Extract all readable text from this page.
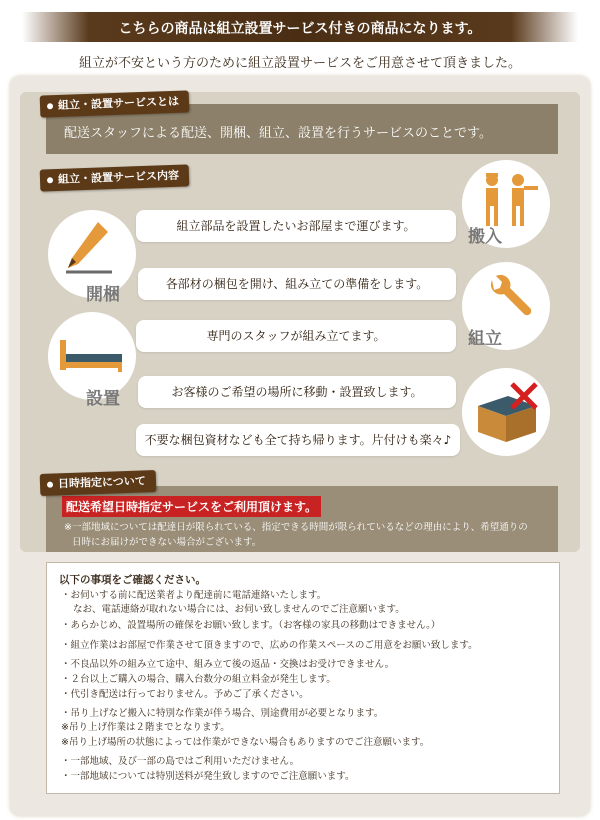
こちらの商品は組立設置サービス付きの商品になります。
組立が不安という方のために組立設置サービスをご用意させて頂きました。
配送スタッフによる配送、開梱、組立、設置を行うサービスのことです。
組立・設置サービスとは
組立・設置サービス内容
搬入
開梱
組立
設置
組立部品を設置したいお部屋まで運びます。
各部材の梱包を開け、組み立ての準備をします。
専門のスタッフが組み立てます。
お客様のご希望の場所に移動・設置致します。
不要な梱包資材なども全て持ち帰ります。片付けも楽々♪
配送希望日時指定サービスをご利用頂けます。
※一部地域については配達日が限られている、指定できる時間が限られているなどの理由により、希望通りの
日時にお届けができない場合がございます。
日時指定について
以下の事項をご確認ください。
・お伺いする前に配送業者より配達前に電話連絡いたします。
なお、電話連絡が取れない場合には、お伺い致しませんのでご注意願います。
・あらかじめ、設置場所の確保をお願い致します。（お客様の家具の移動はできません。）
・組立作業はお部屋で作業させて頂きますので、広めの作業スペースのご用意をお願い致します。
・不良品以外の組み立て途中、組み立て後の返品・交換はお受けできません。
・２台以上ご購入の場合、購入台数分の組立料金が発生します。
・代引き配送は行っておりません。予めご了承ください。
・吊り上げなど搬入に特別な作業が伴う場合、別途費用が必要となります。
※吊り上げ作業は２階までとなります。
※吊り上げ場所の状態によっては作業ができない場合もありますのでご注意願います。
・一部地域、及び一部の島ではご利用いただけません。
・一部地域については特別送料が発生致しますのでご注意願います。
